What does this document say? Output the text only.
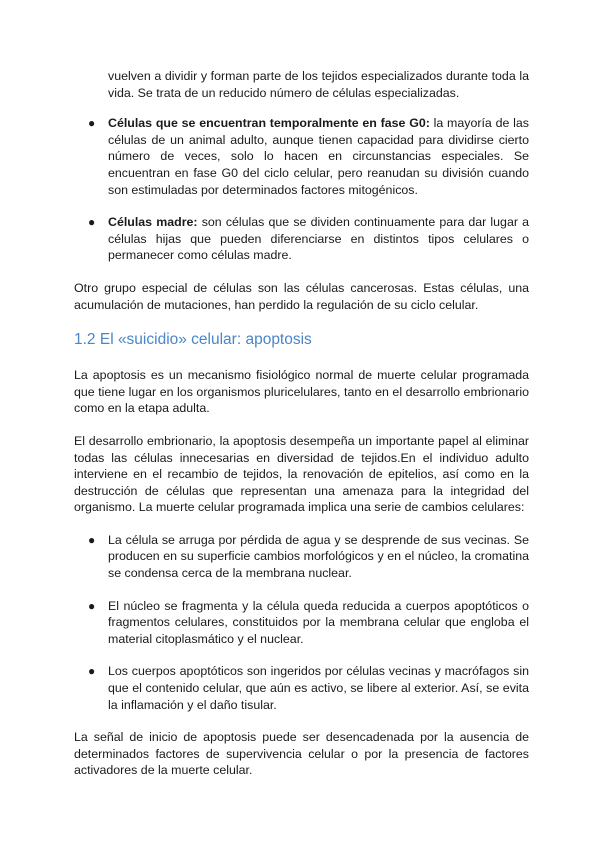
vuelven a dividir y forman parte de los tejidos especializados durante toda la vida. Se trata de un reducido número de células especializadas.

● Células que se encuentran temporalmente en fase G0: la mayoría de las células de un animal adulto, aunque tienen capacidad para dividirse cierto número de veces, solo lo hacen en circunstancias especiales. Se encuentran en fase G0 del ciclo celular, pero reanudan su división cuando son estimuladas por determinados factores mitogénicos.
● Células madre: son células que se dividen continuamente para dar lugar a células hijas que pueden diferenciarse en distintos tipos celulares o permanecer como células madre.

Otro grupo especial de células son las células cancerosas. Estas células, una acumulación de mutaciones, han perdido la regulación de su ciclo celular.

1.2 El «suicidio» celular: apoptosis

La apoptosis es un mecanismo fisiológico normal de muerte celular programada que tiene lugar en los organismos pluricelulares, tanto en el desarrollo embrionario como en la etapa adulta.

El desarrollo embrionario, la apoptosis desempeña un importante papel al eliminar todas las células innecesarias en diversidad de tejidos.En el individuo adulto interviene en el recambio de tejidos, la renovación de epitelios, así como en la destrucción de células que representan una amenaza para la integridad del organismo. La muerte celular programada implica una serie de cambios celulares:

● La célula se arruga por pérdida de agua y se desprende de sus vecinas. Se producen en su superficie cambios morfológicos y en el núcleo, la cromatina se condensa cerca de la membrana nuclear.
● El núcleo se fragmenta y la célula queda reducida a cuerpos apoptóticos o fragmentos celulares, constituidos por la membrana celular que engloba el material citoplasmático y el nuclear.
● Los cuerpos apoptóticos son ingeridos por células vecinas y macrófagos sin que el contenido celular, que aún es activo, se libere al exterior. Así, se evita la inflamación y el daño tisular.

La señal de inicio de apoptosis puede ser desencadenada por la ausencia de determinados factores de supervivencia celular o por la presencia de factores activadores de la muerte celular.
